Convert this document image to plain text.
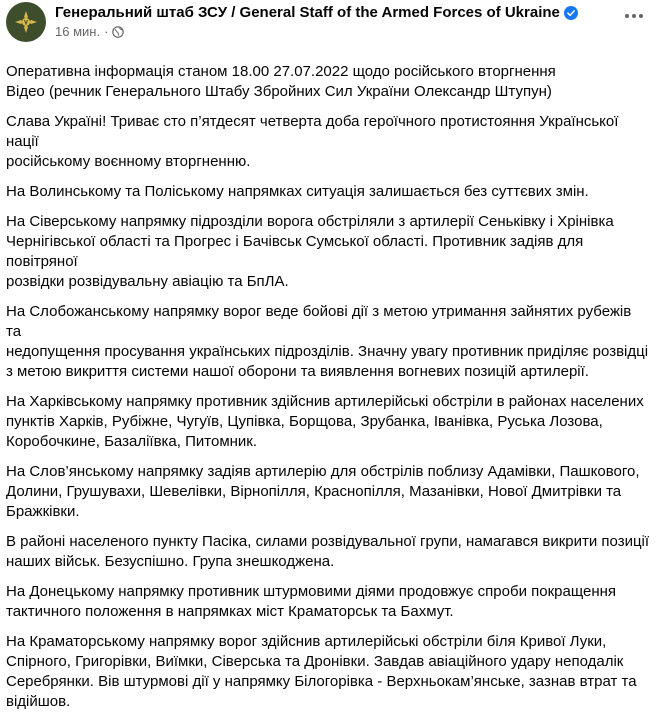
Генеральний штаб ЗСУ / General Staff of the Armed Forces of Ukraine
16 мин. ·

Оперативна інформація станом 18.00 27.07.2022 щодо російського вторгнення
Відео (речник Генерального Штабу Збройних Сил України Олександр Штупун)

Слава Україні! Триває сто п’ятдесят четверта доба героїчного протистояння Української нації
російському воєнному вторгненню.

На Волинському та Поліському напрямках ситуація залишається без суттєвих змін.

На Сіверському напрямку підрозділи ворога обстріляли з артилерії Сеньківку і Хрінівка
Чернігівської області та Прогрес і Бачівськ Сумської області. Противник задіяв для повітряної
розвідки розвідувальну авіацію та БпЛА.

На Слобожанському напрямку ворог веде бойові дії з метою утримання зайнятих рубежів та
недопущення просування українських підрозділів. Значну увагу противник приділяє розвідці
з метою викриття системи нашої оборони та виявлення вогневих позицій артилерії.

На Харківському напрямку противник здійснив артилерійські обстріли в районах населених
пунктів Харків, Рубіжне, Чугуїв, Цупівка, Борщова, Зрубанка, Іванівка, Руська Лозова,
Коробочкине, Базаліївка, Питомник.

На Слов’янському напрямку задіяв артилерію для обстрілів поблизу Адамівки, Пашкового,
Долини, Грушувахи, Шевелівки, Вірнопілля, Краснопілля, Мазанівки, Нової Дмитрівки та
Бражківки.

В районі населеного пункту Пасіка, силами розвідувальної групи, намагався викрити позиції
наших військ. Безуспішно. Група знешкоджена.

На Донецькому напрямку противник штурмовими діями продовжує спроби покращення
тактичного положення в напрямках міст Краматорськ та Бахмут.

На Краматорському напрямку ворог здійснив артилерійські обстріли біля Кривої Луки,
Спірного, Григорівки, Виїмки, Сіверська та Дронівки. Завдав авіаційного удару неподалік
Серебрянки. Вів штурмові дії у напрямку Білогорівка - Верхньокам’янське, зазнав втрат та
відійшов.
